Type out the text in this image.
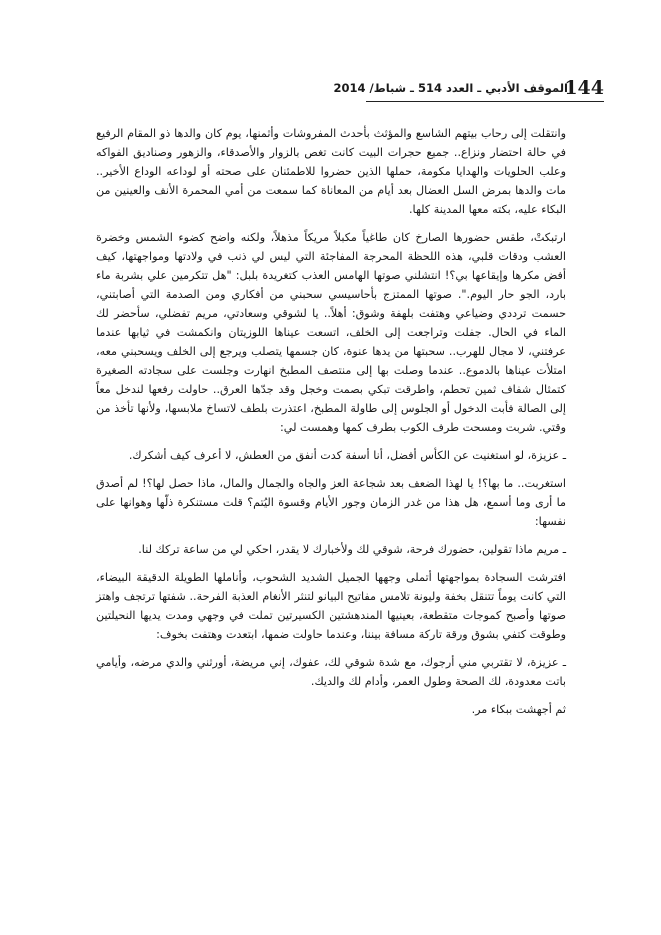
144
الموقف الأدبي ـ العدد 514 ـ شباط/ 2014

وانتقلت إلى رحاب بيتهم الشاسع والمؤثث بأحدث المفروشات وأثمنها، يوم كان والدها ذو المقام الرفيع في حالة احتضار ونزاع.. جميع حجرات البيت كانت تغص بالزوار والأصدقاء، والزهور وصناديق الفواكه وعلب الحلويات والهدايا مكومة، حملها الذين حضروا للاطمئنان على صحته أو لوداعه الوداع الأخير.. مات والدها بمرض السل العضال بعد أيام من المعاناة كما سمعت من أمي المحمرة الأنف والعينين من البكاء عليه، بكته معها المدينة كلها.

ارتبكتْ، طقس حضورها الصارخ كان طاغياً مكبلاً مريكاً مذهلاً، ولكنه واضح كضوء الشمس وخضرة العشب ودقات قلبي، هذه اللحظة المحرجة المفاجئة التي ليس لي ذنب في ولادتها ومواجهتها، كيف أفض مكرها وإيقاعها بي؟! انتشلني صوتها الهامس العذب كتغريدة بلبل: "هل تتكرمين علي بشربة ماء بارد، الجو حار اليوم.". صوتها الممتزج بأحاسيسي سحبني من أفكاري ومن الصدمة التي أصابتني، حسمت ترددي وضياعي وهتفت بلهفة وشوق: أهلاً.. يا لشوقي وسعادتي، مريم تفضلي، سأحضر لك الماء في الحال. جفلت وتراجعت إلى الخلف، اتسعت عيناها اللوزيتان وانكمشت في ثيابها عندما عرفتني، لا مجال للهرب.. سحبتها من يدها عنوة، كان جسمها يتصلب ويرجع إلى الخلف ويسحبني معه، امتلأت عيناها بالدموع.. عندما وصلت بها إلى منتصف المطبخ انهارت وجلست على سجادته الصغيرة كتمثال شفاف ثمين تحطم، واطرقت تبكي بصمت وخجل وقد جدّها العرق.. حاولت رفعها لندخل معاً إلى الصالة فأبت الدخول أو الجلوس إلى طاولة المطبخ، اعتذرت بلطف لاتساخ ملابسها، ولأنها تأخذ من وقتي. شربت ومسحت طرف الكوب بطرف كمها وهمست لي:

ـ عزيزة، لو استغنيت عن الكأس أفضل، أنا أسفة كدت أنفق من العطش، لا أعرف كيف أشكرك.

استغربت.. ما بها؟! يا لهذا الضعف بعد شجاعة العز والجاه والجمال والمال، ماذا حصل لها؟! لم أصدق ما أرى وما أسمع، هل هذا من غدر الزمان وجور الأيام وقسوة اليُتم؟ قلت مستنكرة ذلّها وهوانها على نفسها:

ـ مريم ماذا تقولين، حضورك فرحة، شوقي لك ولأخبارك لا يقدر، احكي لي من ساعة تركك لنا.

افترشت السجادة بمواجهتها أتملى وجهها الجميل الشديد الشحوب، وأناملها الطويلة الدقيقة البيضاء، التي كانت يوماً تتنقل بخفة وليونة تلامس مفاتيح البيانو لتنثر الأنغام العذبة الفرحة.. شفتها ترتجف واهتز صوتها وأصبح كموجات متقطعة، بعينيها المندهشتين الكسيرتين تملت في وجهي ومدت يديها النحيلتين وطوقت كتفي بشوق ورقة تاركة مسافة بيننا، وعندما حاولت ضمها، ابتعدت وهتفت بخوف:

ـ عزيزة، لا تقتربي مني أرجوك، مع شدة شوقي لك، عفوك، إني مريضة، أورثني والدي مرضه، وأيامي باتت معدودة، لك الصحة وطول العمر، وأدام لك والديك.

ثم أجهشت ببكاء مر.
